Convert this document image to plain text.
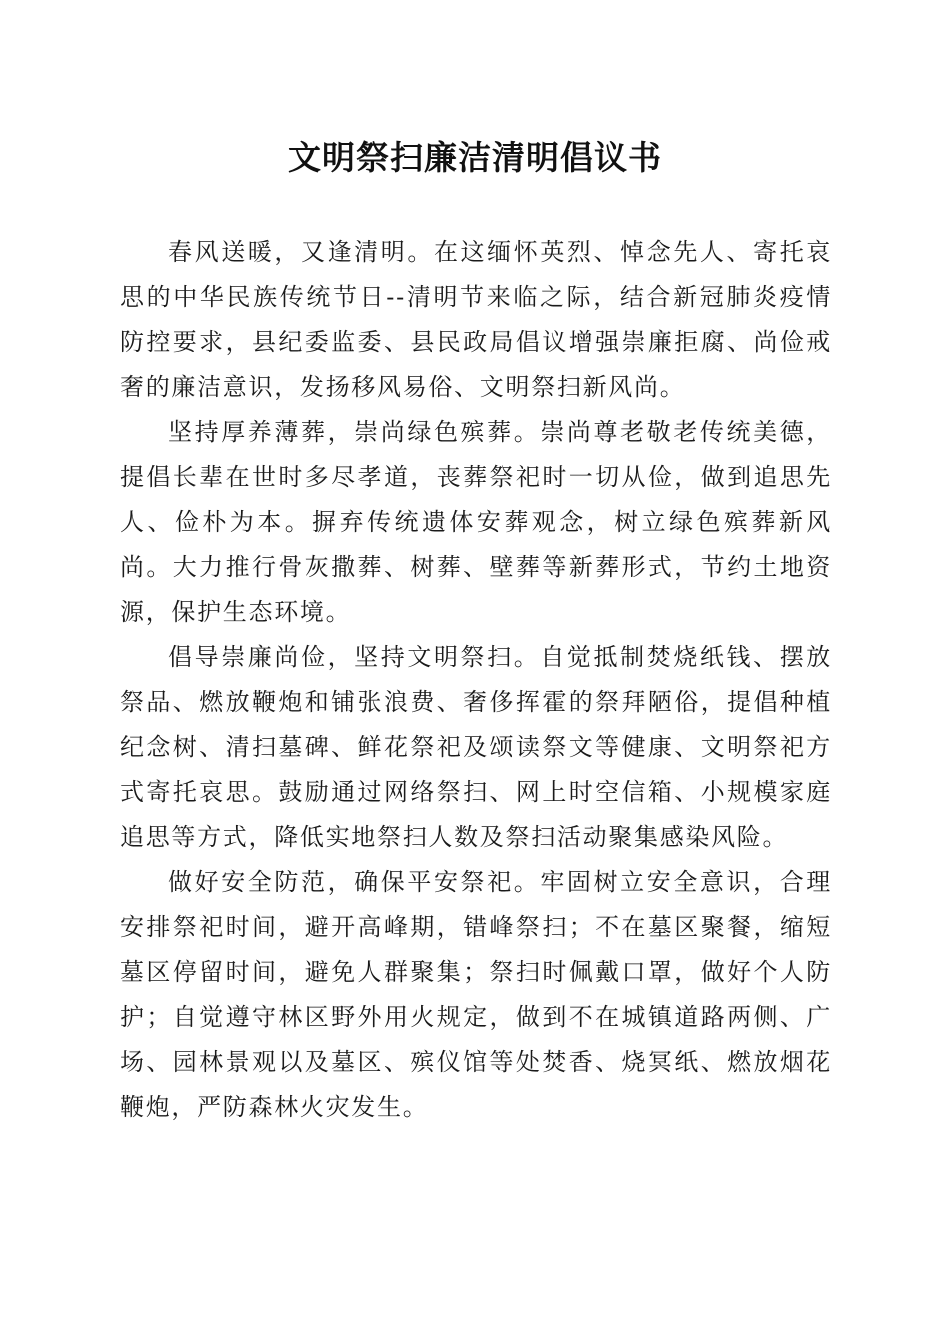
文明祭扫廉洁清明倡议书

春风送暖，又逢清明。在这缅怀英烈、悼念先人、寄托哀思的中华民族传统节日--清明节来临之际，结合新冠肺炎疫情防控要求，县纪委监委、县民政局倡议增强崇廉拒腐、尚俭戒奢的廉洁意识，发扬移风易俗、文明祭扫新风尚。

坚持厚养薄葬，崇尚绿色殡葬。崇尚尊老敬老传统美德，提倡长辈在世时多尽孝道，丧葬祭祀时一切从俭，做到追思先人、俭朴为本。摒弃传统遗体安葬观念，树立绿色殡葬新风尚。大力推行骨灰撒葬、树葬、壁葬等新葬形式，节约土地资源，保护生态环境。

倡导崇廉尚俭，坚持文明祭扫。自觉抵制焚烧纸钱、摆放祭品、燃放鞭炮和铺张浪费、奢侈挥霍的祭拜陋俗，提倡种植纪念树、清扫墓碑、鲜花祭祀及颂读祭文等健康、文明祭祀方式寄托哀思。鼓励通过网络祭扫、网上时空信箱、小规模家庭追思等方式，降低实地祭扫人数及祭扫活动聚集感染风险。

做好安全防范，确保平安祭祀。牢固树立安全意识，合理安排祭祀时间，避开高峰期，错峰祭扫；不在墓区聚餐，缩短墓区停留时间，避免人群聚集；祭扫时佩戴口罩，做好个人防护；自觉遵守林区野外用火规定，做到不在城镇道路两侧、广场、园林景观以及墓区、殡仪馆等处焚香、烧冥纸、燃放烟花鞭炮，严防森林火灾发生。
